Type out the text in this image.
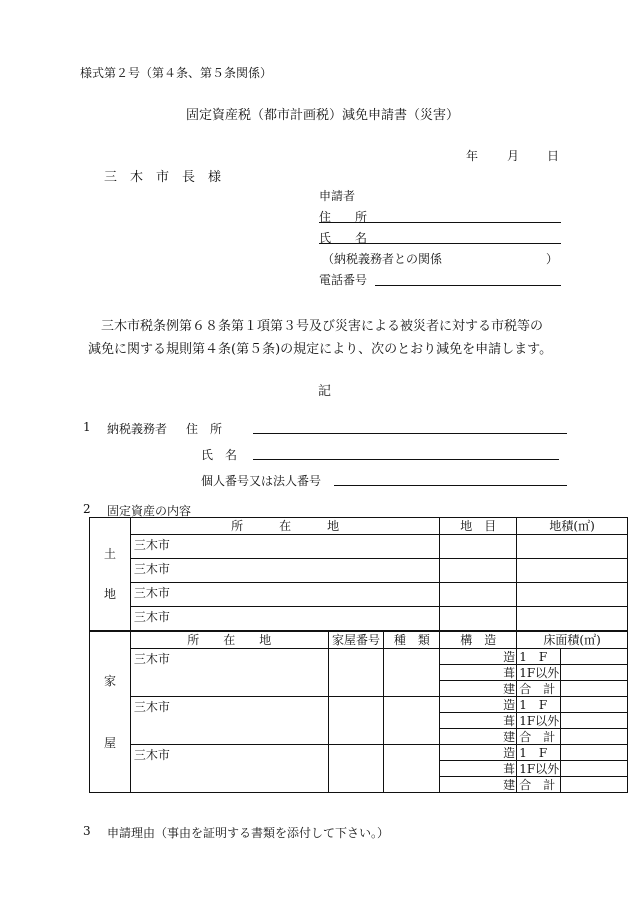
様式第２号（第４条、第５条関係）
固定資産税（都市計画税）減免申請書（災害）
年 月 日
三　木　市　長　様
申請者
住　　所
氏　　名
（納税義務者との関係	）
電話番号
三木市税条例第６８条第１項第３号及び災害による被災者に対する市税等の
減免に関する規則第４条(第５条)の規定により、次のとおり減免を申請します。
記
1 納税義務者 住　所
氏　名
個人番号又は法人番号
2 固定資産の内容
土
地	所　　　在　　　地	地　目	地積(㎡)
	三木市		
	三木市		
	三木市		
	三木市		
家
屋	所　　在　　地	家屋番号	種　類	構　造	床面積(㎡)	
	三木市			造	1　F	
				葺	1F以外	
				建	合　計	
	三木市			造	1　F	
				葺	1F以外	
				建	合　計	
	三木市			造	1　F	
				葺	1F以外	
				建	合　計	
3 申請理由（事由を証明する書類を添付して下さい。）
